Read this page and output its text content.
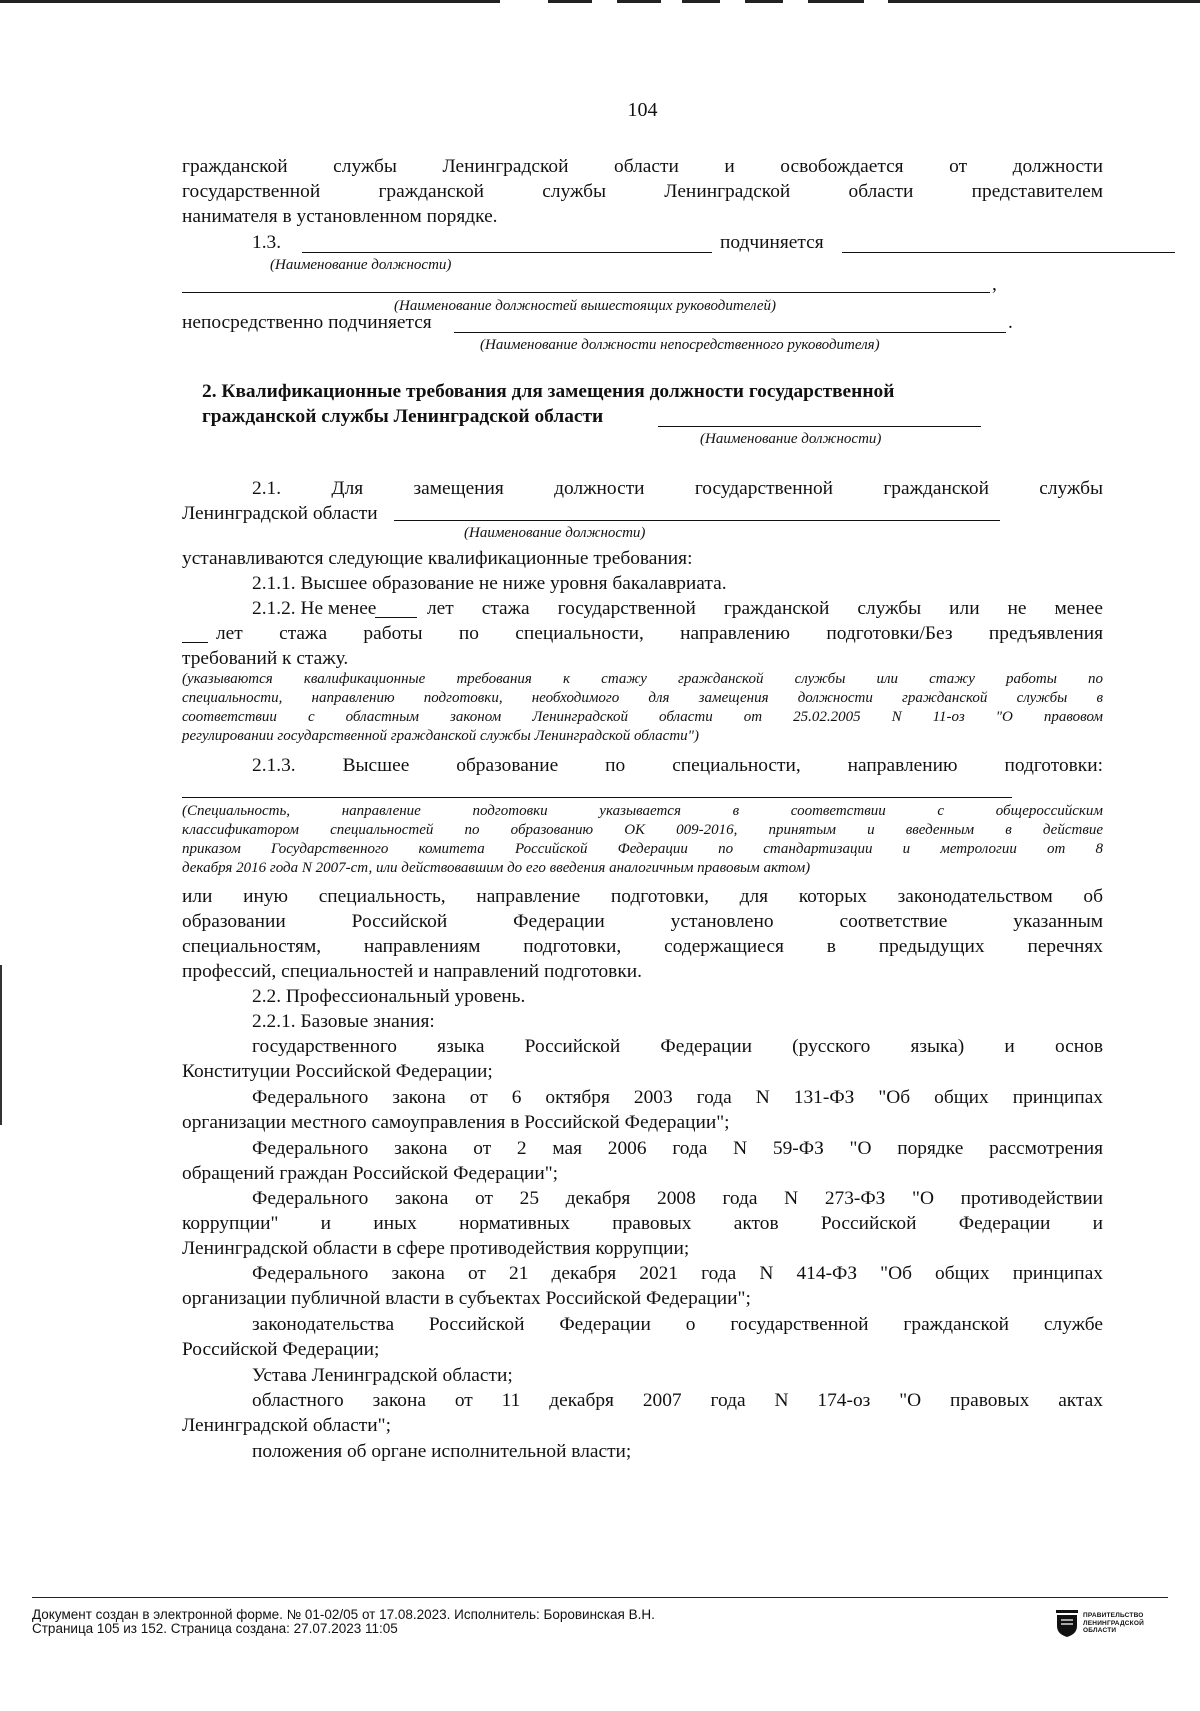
104
гражданской службы Ленинградской области и освобождается от должности
государственной гражданской службы Ленинградской области представителем
нанимателя в установленном порядке.
1.3.	подчиняется
(Наименование должности)
,
(Наименование должностей вышестоящих руководителей)
непосредственно подчиняется	.
(Наименование должности непосредственного руководителя)
2. Квалификационные требования для замещения должности государственной
гражданской службы Ленинградской области
(Наименование должности)
2.1. Для замещения должности государственной гражданской службы
Ленинградской области
(Наименование должности)
устанавливаются следующие квалификационные требования:
2.1.1. Высшее образование не ниже уровня бакалавриата.
2.1.2. Не менее	лет стажа государственной гражданской службы или не менее
лет стажа работы по специальности, направлению подготовки/Без предъявления
требований к стажу.
(указываются квалификационные требования к стажу гражданской службы или стажу работы по
специальности, направлению подготовки, необходимого для замещения должности гражданской службы в
соответствии с областным законом Ленинградской области от 25.02.2005 N 11-оз "О правовом
регулировании государственной гражданской службы Ленинградской области")
2.1.3. Высшее образование по специальности, направлению подготовки:
(Специальность, направление подготовки указывается в соответствии с общероссийским
классификатором специальностей по образованию ОК 009-2016, принятым и введенным в действие
приказом Государственного комитета Российской Федерации по стандартизации и метрологии от 8
декабря 2016 года N 2007-ст, или действовавшим до его введения аналогичным правовым актом)
или иную специальность, направление подготовки, для которых законодательством об
образовании Российской Федерации установлено соответствие указанным
специальностям, направлениям подготовки, содержащиеся в предыдущих перечнях
профессий, специальностей и направлений подготовки.
2.2. Профессиональный уровень.
2.2.1. Базовые знания:
государственного языка Российской Федерации (русского языка) и основ
Конституции Российской Федерации;
Федерального закона от 6 октября 2003 года N 131-ФЗ "Об общих принципах
организации местного самоуправления в Российской Федерации";
Федерального закона от 2 мая 2006 года N 59-ФЗ "О порядке рассмотрения
обращений граждан Российской Федерации";
Федерального закона от 25 декабря 2008 года N 273-ФЗ "О противодействии
коррупции" и иных нормативных правовых актов Российской Федерации и
Ленинградской области в сфере противодействия коррупции;
Федерального закона от 21 декабря 2021 года N 414-ФЗ "Об общих принципах
организации публичной власти в субъектах Российской Федерации";
законодательства Российской Федерации о государственной гражданской службе
Российской Федерации;
Устава Ленинградской области;
областного закона от 11 декабря 2007 года N 174-оз "О правовых актах
Ленинградской области";
положения об органе исполнительной власти;
Документ создан в электронной форме. № 01-02/05 от 17.08.2023. Исполнитель: Боровинская В.Н.
Страница 105 из 152. Страница создана: 27.07.2023 11:05
ПРАВИТЕЛЬСТВО
ЛЕНИНГРАДСКОЙ
ОБЛАСТИ
